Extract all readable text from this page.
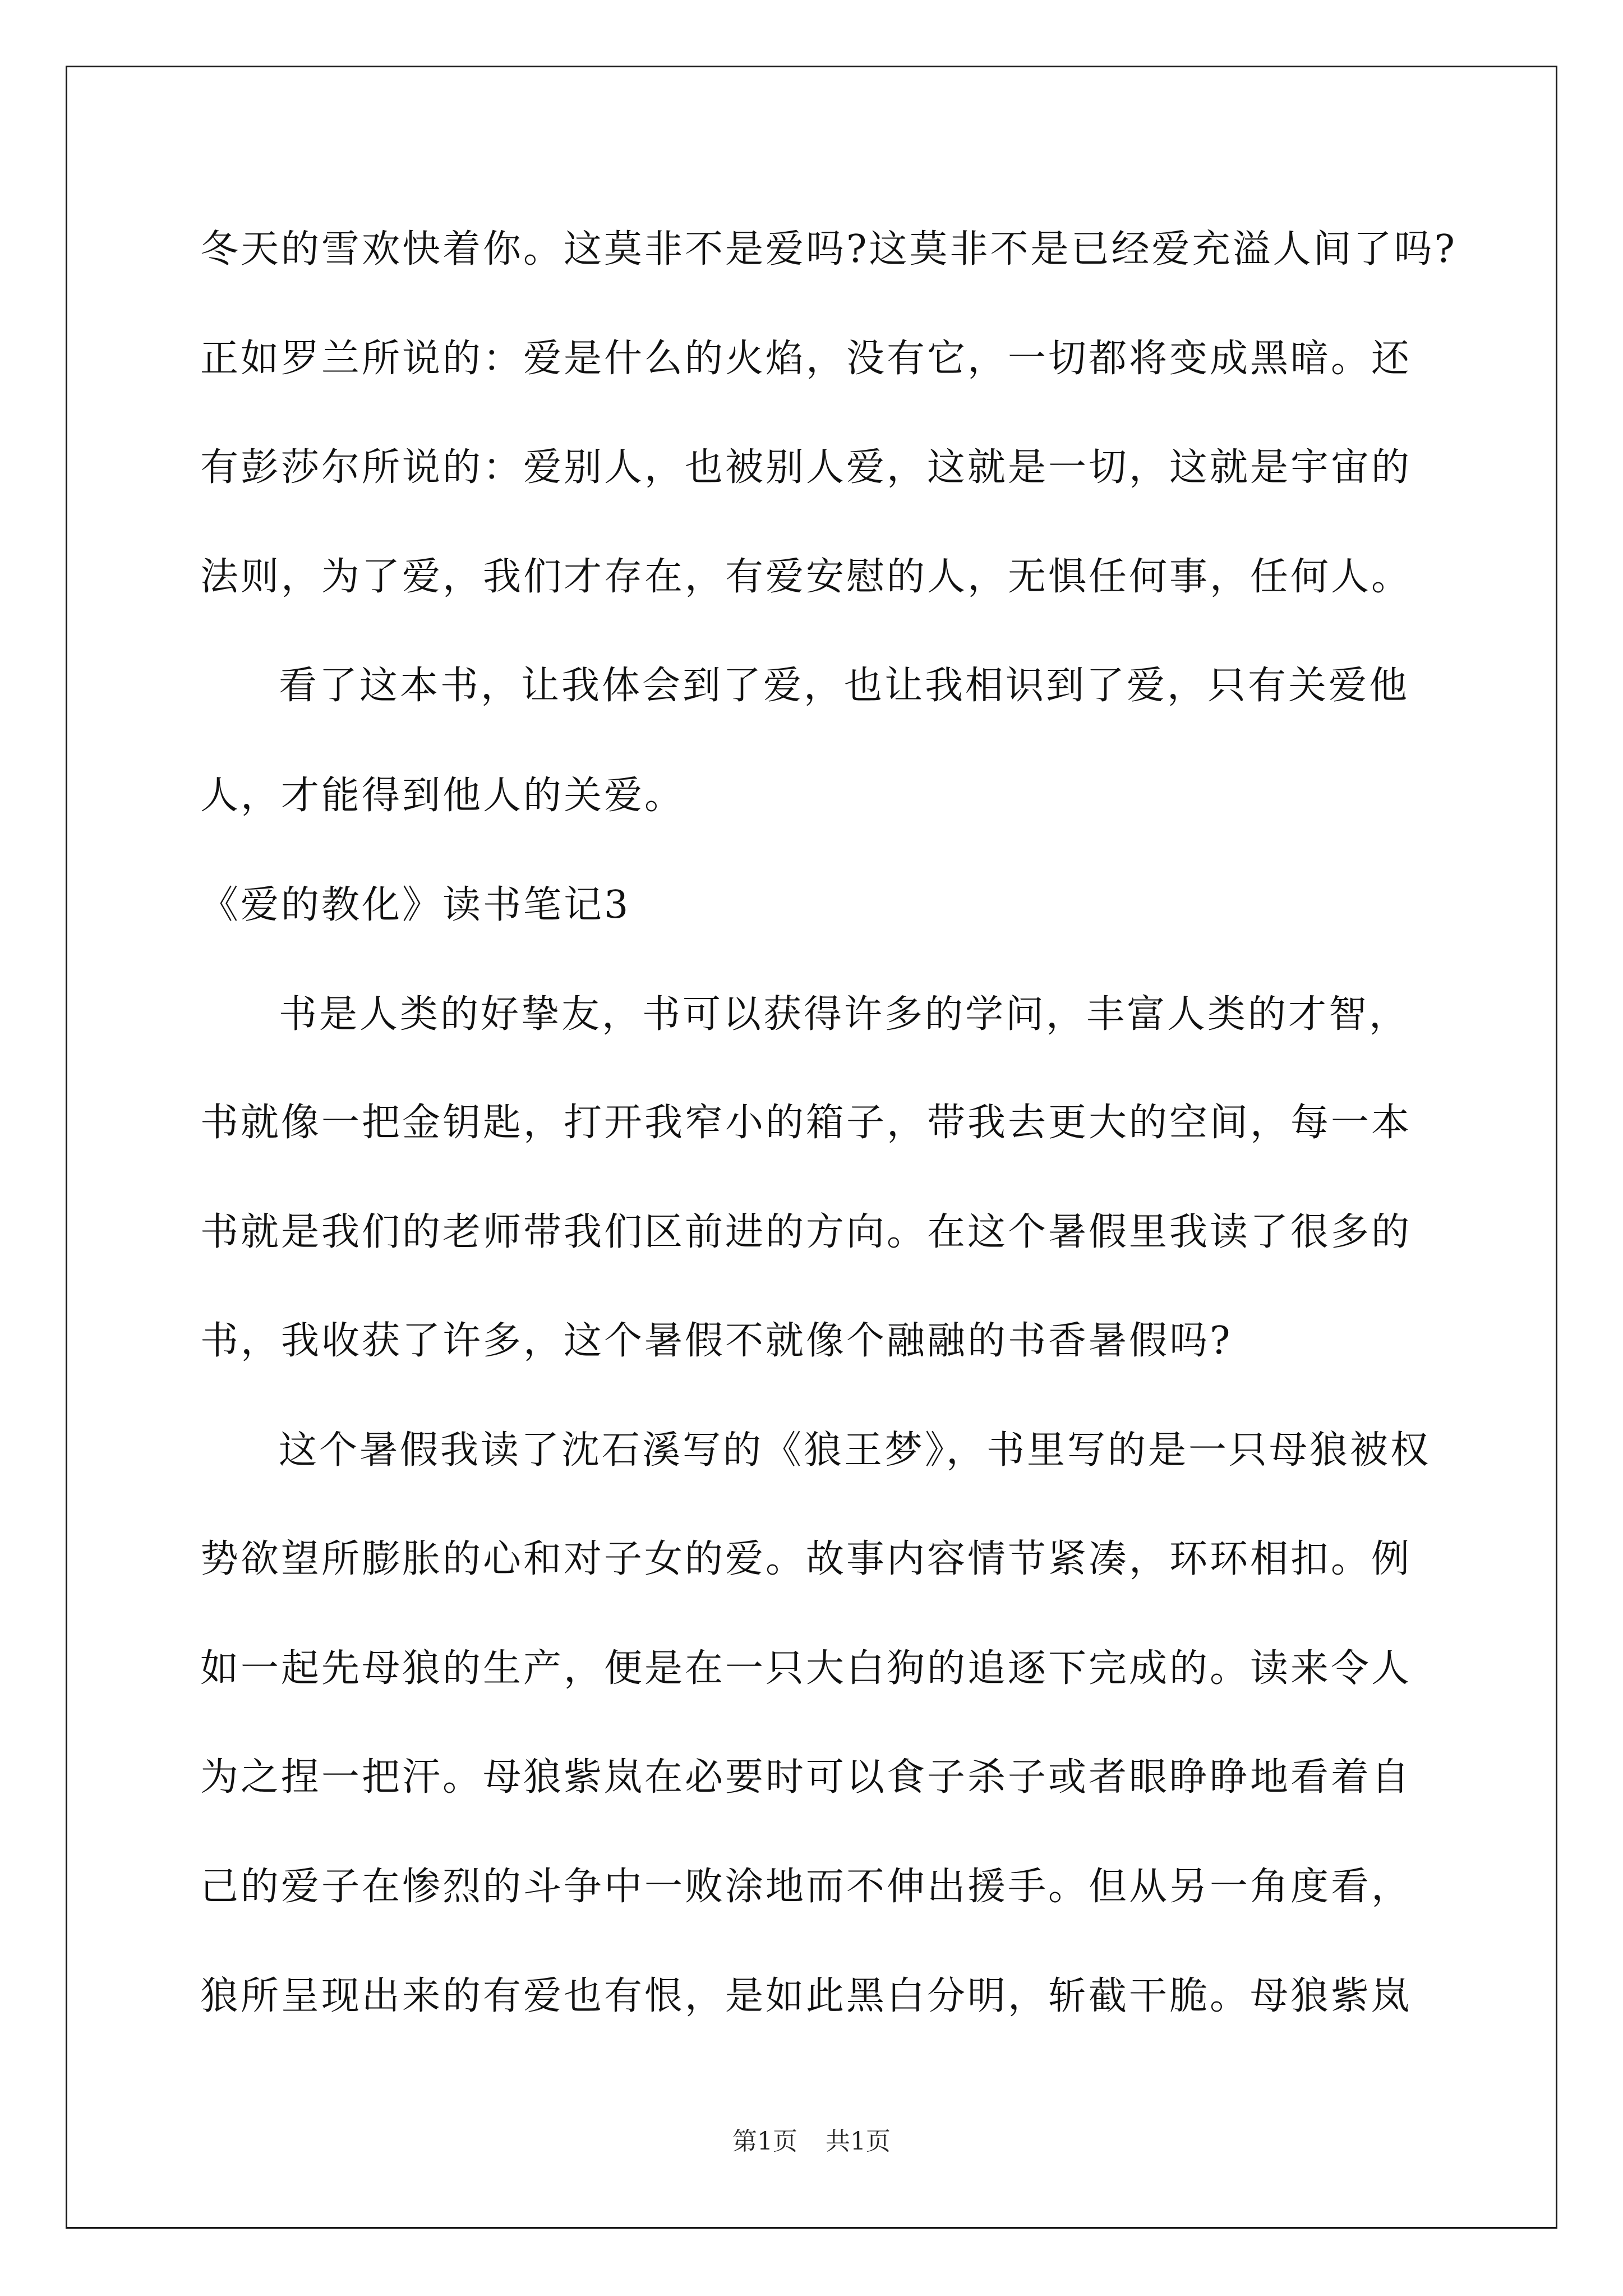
冬天的雪欢快着你。这莫非不是爱吗?这莫非不是已经爱充溢人间了吗?
正如罗兰所说的：爱是什么的火焰，没有它，一切都将变成黑暗。还
有彭莎尔所说的：爱别人，也被别人爱，这就是一切，这就是宇宙的
法则，为了爱，我们才存在，有爱安慰的人，无惧任何事，任何人。
看了这本书，让我体会到了爱，也让我相识到了爱，只有关爱他
人，才能得到他人的关爱。
《爱的教化》读书笔记3
书是人类的好挚友，书可以获得许多的学问，丰富人类的才智，
书就像一把金钥匙，打开我窄小的箱子，带我去更大的空间，每一本
书就是我们的老师带我们区前进的方向。在这个暑假里我读了很多的
书，我收获了许多，这个暑假不就像个融融的书香暑假吗?
这个暑假我读了沈石溪写的《狼王梦》，书里写的是一只母狼被权
势欲望所膨胀的心和对子女的爱。故事内容情节紧凑，环环相扣。例
如一起先母狼的生产，便是在一只大白狗的追逐下完成的。读来令人
为之捏一把汗。母狼紫岚在必要时可以食子杀子或者眼睁睁地看着自
己的爱子在惨烈的斗争中一败涂地而不伸出援手。但从另一角度看，
狼所呈现出来的有爱也有恨，是如此黑白分明，斩截干脆。母狼紫岚
第1页 共1页
